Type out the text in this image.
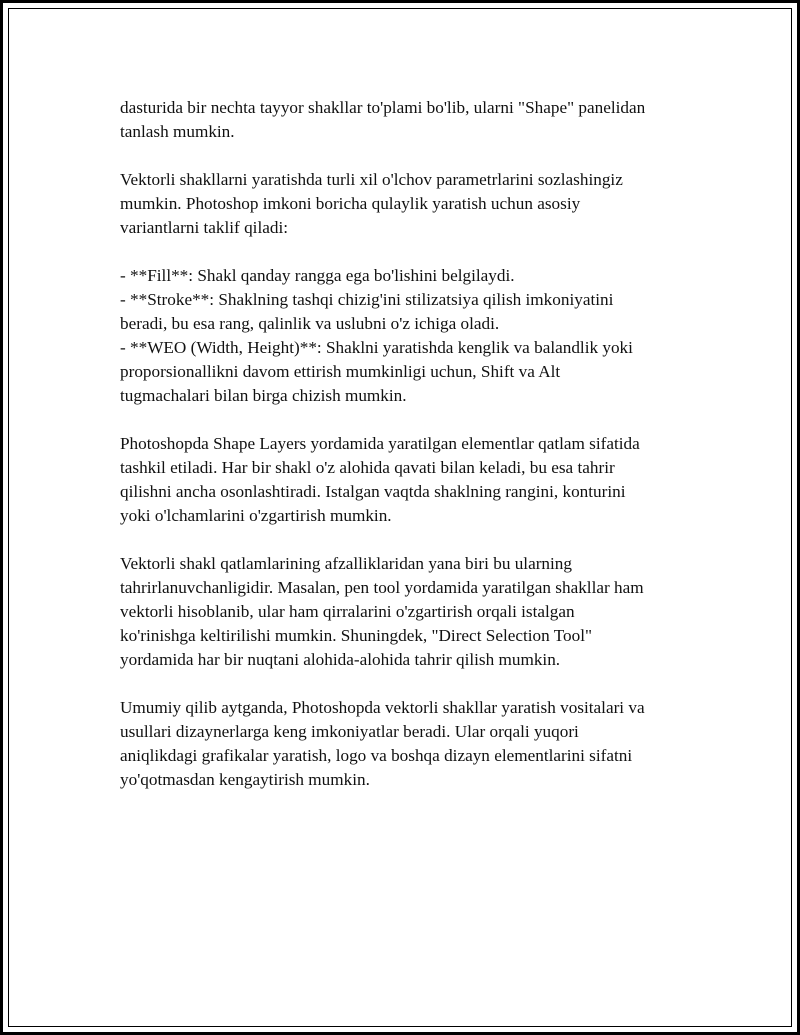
dasturida bir nechta tayyor shakllar to'plami bo'lib, ularni "Shape" panelidan
tanlash mumkin.

Vektorli shakllarni yaratishda turli xil o'lchov parametrlarini sozlashingiz
mumkin. Photoshop imkoni boricha qulaylik yaratish uchun asosiy
variantlarni taklif qiladi:

- **Fill**: Shakl qanday rangga ega bo'lishini belgilaydi.
- **Stroke**: Shaklning tashqi chizig'ini stilizatsiya qilish imkoniyatini
beradi, bu esa rang, qalinlik va uslubni o'z ichiga oladi.
- **WEO (Width, Height)**: Shaklni yaratishda kenglik va balandlik yoki
proporsionallikni davom ettirish mumkinligi uchun, Shift va Alt
tugmachalari bilan birga chizish mumkin.

Photoshopda Shape Layers yordamida yaratilgan elementlar qatlam sifatida
tashkil etiladi. Har bir shakl o'z alohida qavati bilan keladi, bu esa tahrir
qilishni ancha osonlashtiradi. Istalgan vaqtda shaklning rangini, konturini
yoki o'lchamlarini o'zgartirish mumkin.

Vektorli shakl qatlamlarining afzalliklaridan yana biri bu ularning
tahrirlanuvchanligidir. Masalan, pen tool yordamida yaratilgan shakllar ham
vektorli hisoblanib, ular ham qirralarini o'zgartirish orqali istalgan
ko'rinishga keltirilishi mumkin. Shuningdek, "Direct Selection Tool"
yordamida har bir nuqtani alohida-alohida tahrir qilish mumkin.

Umumiy qilib aytganda, Photoshopda vektorli shakllar yaratish vositalari va
usullari dizaynerlarga keng imkoniyatlar beradi. Ular orqali yuqori
aniqlikdagi grafikalar yaratish, logo va boshqa dizayn elementlarini sifatni
yo'qotmasdan kengaytirish mumkin.
